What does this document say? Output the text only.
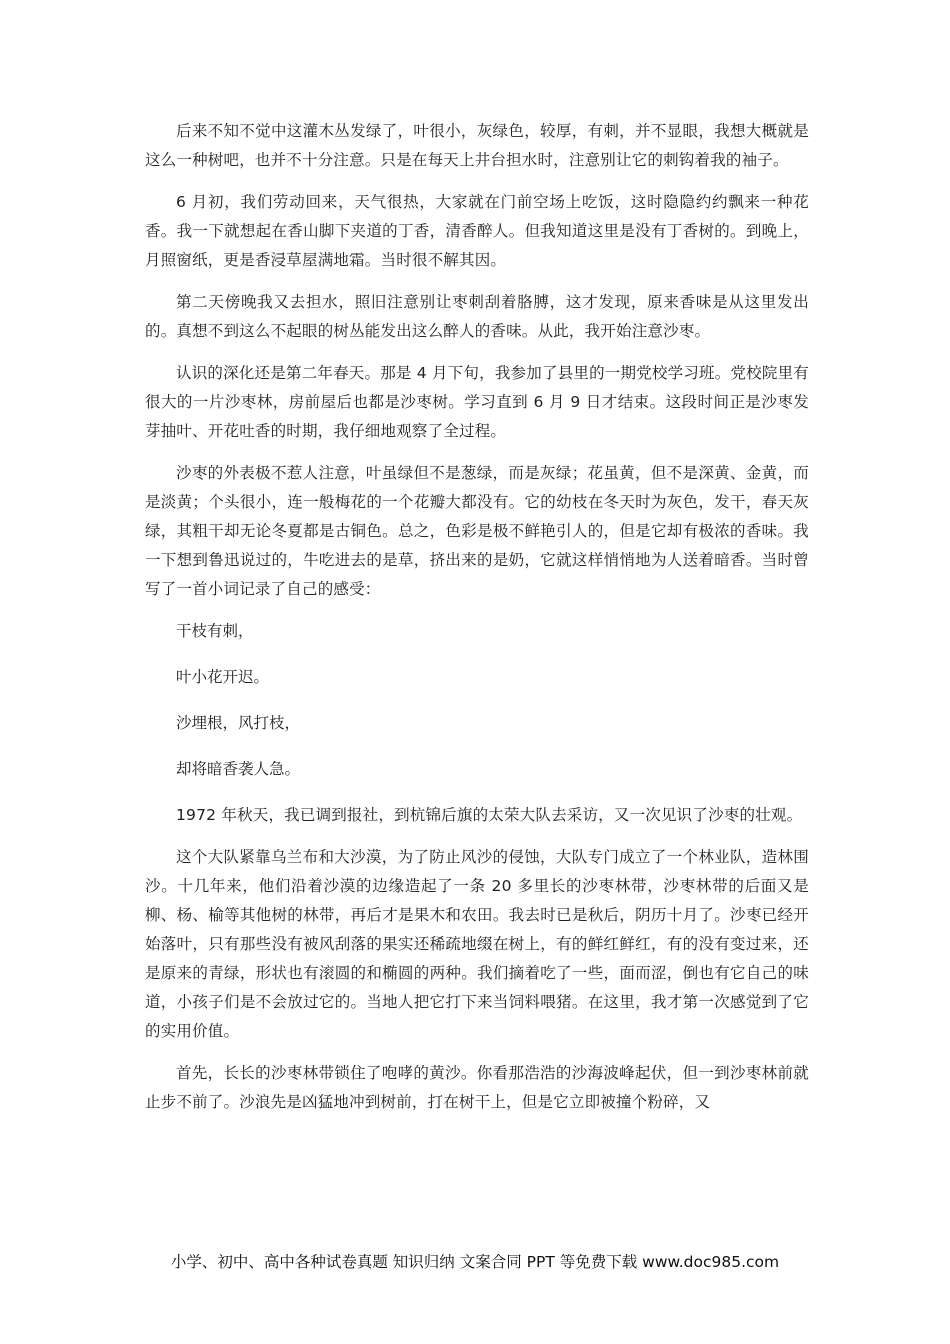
后来不知不觉中这灌木丛发绿了，叶很小，灰绿色，较厚，有刺，并不显眼，我想大概就是这么一种树吧，也并不十分注意。只是在每天上井台担水时，注意别让它的刺钩着我的袖子。

6 月初，我们劳动回来，天气很热，大家就在门前空场上吃饭，这时隐隐约约飘来一种花香。我一下就想起在香山脚下夹道的丁香，清香醉人。但我知道这里是没有丁香树的。到晚上，月照窗纸，更是香浸草屋满地霜。当时很不解其因。

第二天傍晚我又去担水，照旧注意别让枣刺刮着胳膊，这才发现，原来香味是从这里发出的。真想不到这么不起眼的树丛能发出这么醉人的香味。从此，我开始注意沙枣。

认识的深化还是第二年春天。那是 4 月下旬，我参加了县里的一期党校学习班。党校院里有很大的一片沙枣林，房前屋后也都是沙枣树。学习直到 6 月 9 日才结束。这段时间正是沙枣发芽抽叶、开花吐香的时期，我仔细地观察了全过程。

沙枣的外表极不惹人注意，叶虽绿但不是葱绿，而是灰绿；花虽黄，但不是深黄、金黄，而是淡黄；个头很小，连一般梅花的一个花瓣大都没有。它的幼枝在冬天时为灰色，发干，春天灰绿，其粗干却无论冬夏都是古铜色。总之，色彩是极不鲜艳引人的，但是它却有极浓的香味。我一下想到鲁迅说过的，牛吃进去的是草，挤出来的是奶，它就这样悄悄地为人送着暗香。当时曾写了一首小词记录了自己的感受：

干枝有刺，

叶小花开迟。

沙埋根，风打枝，

却将暗香袭人急。

1972 年秋天，我已调到报社，到杭锦后旗的太荣大队去采访，又一次见识了沙枣的壮观。

这个大队紧靠乌兰布和大沙漠，为了防止风沙的侵蚀，大队专门成立了一个林业队，造林围沙。十几年来，他们沿着沙漠的边缘造起了一条 20 多里长的沙枣林带，沙枣林带的后面又是柳、杨、榆等其他树的林带，再后才是果木和农田。我去时已是秋后，阴历十月了。沙枣已经开始落叶，只有那些没有被风刮落的果实还稀疏地缀在树上，有的鲜红鲜红，有的没有变过来，还是原来的青绿，形状也有滚圆的和椭圆的两种。我们摘着吃了一些，面而涩，倒也有它自己的味道，小孩子们是不会放过它的。当地人把它打下来当饲料喂猪。在这里，我才第一次感觉到了它的实用价值。

首先，长长的沙枣林带锁住了咆哮的黄沙。你看那浩浩的沙海波峰起伏，但一到沙枣林前就止步不前了。沙浪先是凶猛地冲到树前，打在树干上，但是它立即被撞个粉碎，又

小学、初中、高中各种试卷真题 知识归纳 文案合同 PPT 等免费下载 www.doc985.com
